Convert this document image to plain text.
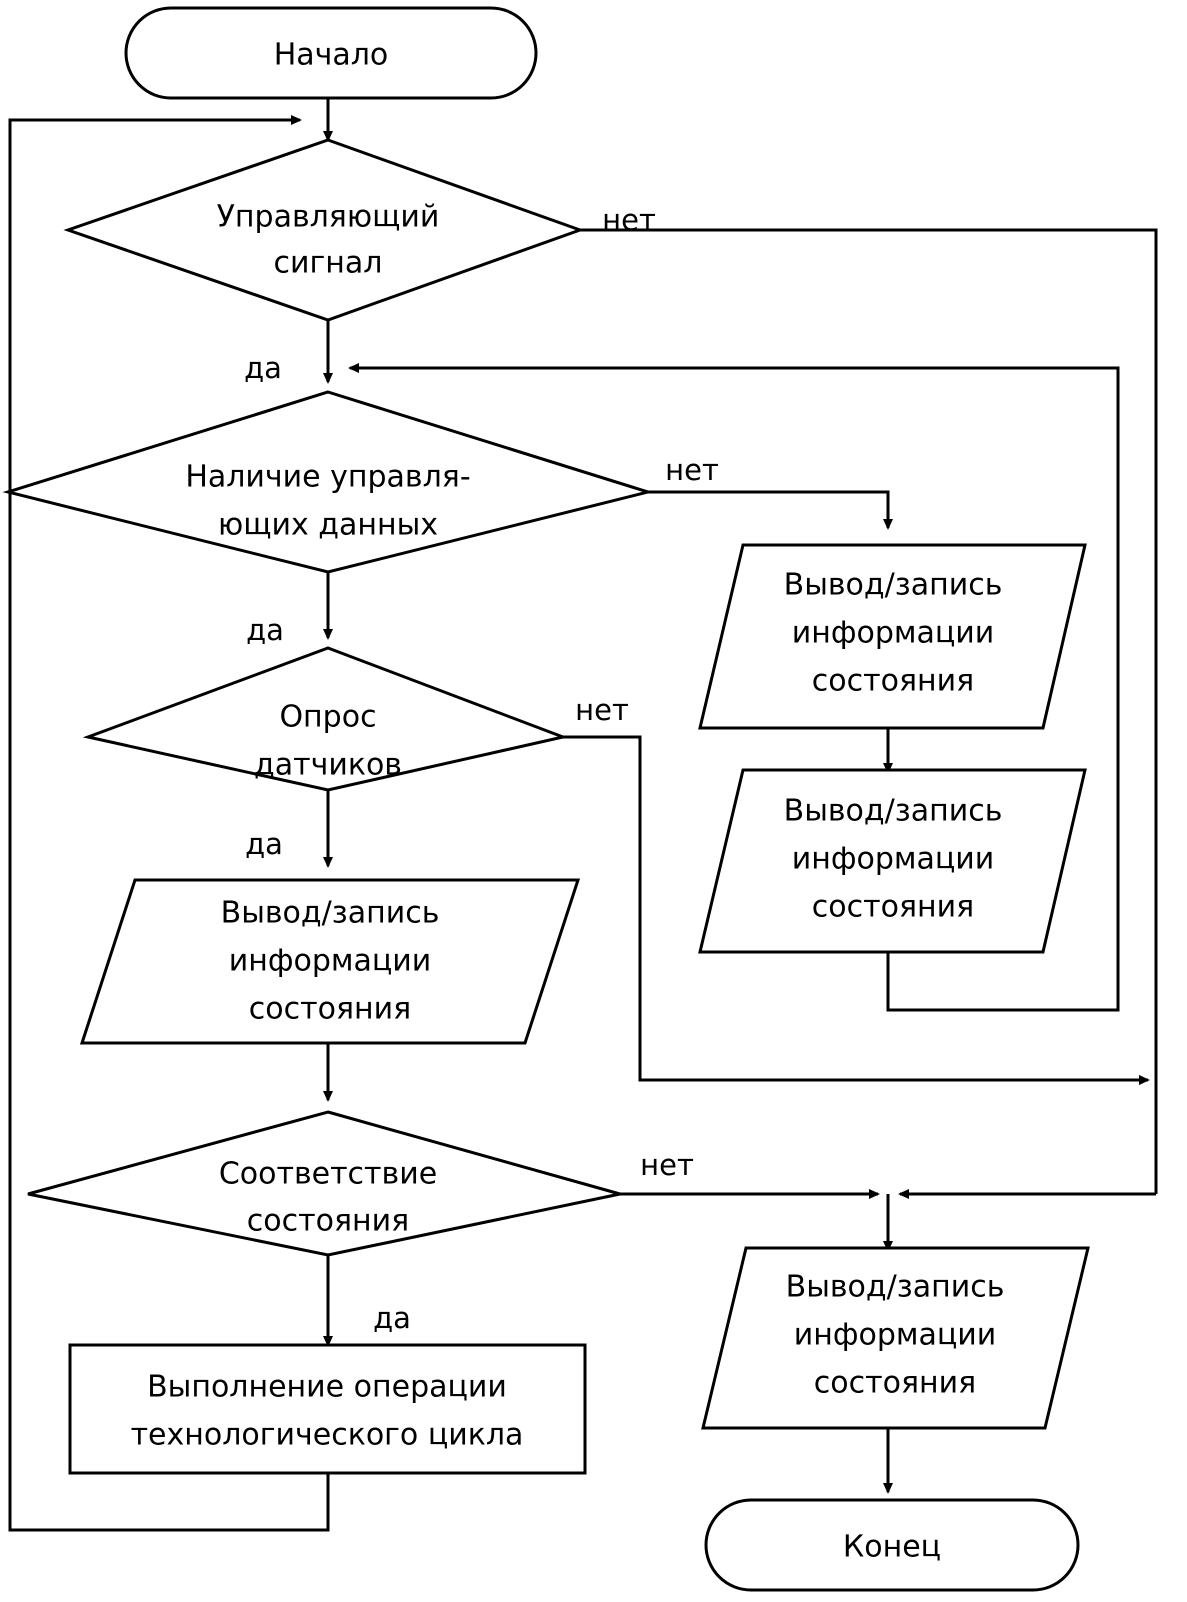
Начало
Управляющий
сигнал
Наличие управля-
ющих данных
Опрос
датчиков
Вывод/запись
информации
состояния
Вывод/запись
информации
состояния
Вывод/запись
информации
состояния
Соответствие
состояния
Выполнение операции
технологического цикла
Вывод/запись
информации
состояния
Конец
нет
да
нет
да
нет
да
нет
да
